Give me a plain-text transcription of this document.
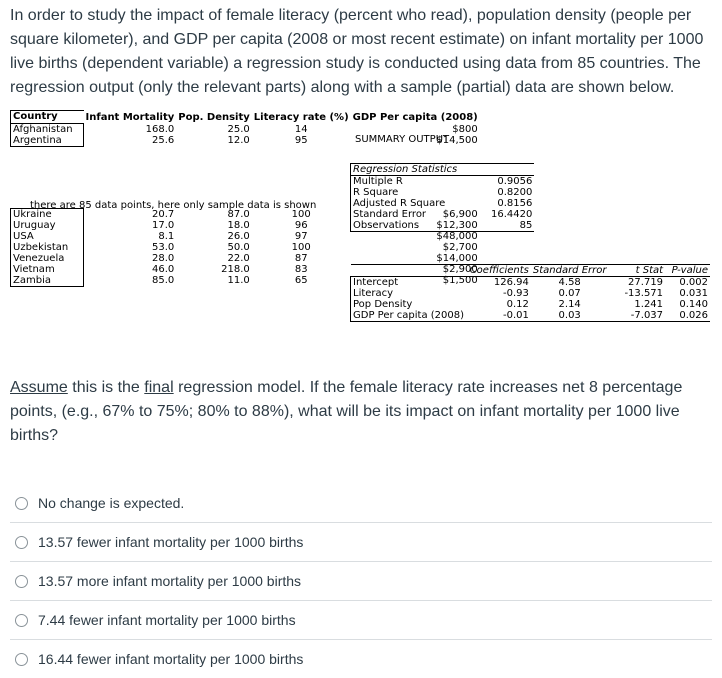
In order to study the impact of female literacy (percent who read), population density (people per square kilometer), and GDP per capita (2008 or most recent estimate) on infant mortality per 1000 live births (dependent variable) a regression study is conducted using data from 85 countries. The regression output (only the relevant parts) along with a sample (partial) data are shown below.

Country	Infant Mortality	Pop. Density	Literacy rate (%)	GDP Per capita (2008)
Afghanistan	168.0	25.0	14	$800
Argentina	25.6	12.0	95	$14,500

Ukraine	20.7	87.0	100	$6,900
Uruguay	17.0	18.0	96	$12,300
USA	8.1	26.0	97	$48,000
Uzbekistan	53.0	50.0	100	$2,700
Venezuela	28.0	22.0	87	$14,000
Vietnam	46.0	218.0	83	$2,900
Zambia	85.0	11.0	65	$1,500
there are 85 data points, here only sample data is shown
SUMMARY OUTPUT
Regression Statistics	
Multiple R	0.9056
R Square	0.8200
Adjusted R Square	0.8156
Standard Error	16.4420
Observations	85
	Coefficients	Standard Error	t Stat	P-value
Intercept	126.94	4.58	27.719	0.002
Literacy	-0.93	0.07	-13.571	0.031
Pop Density	0.12	2.14	1.241	0.140
GDP Per capita (2008)	-0.01	0.03	-7.037	0.026

Assume this is the final regression model. If the female literacy rate increases net 8 percentage points, (e.g., 67% to 75%; 80% to 88%), what will be its impact on infant mortality per 1000 live births?

No change is expected.
13.57 fewer infant mortality per 1000 births
13.57 more infant mortality per 1000 births
7.44 fewer infant mortality per 1000 births
16.44 fewer infant mortality per 1000 births
